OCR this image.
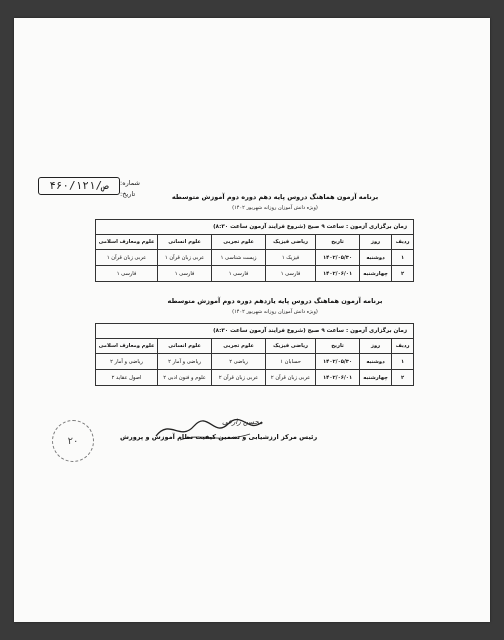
۴۶۰/۱۲۱/ص	شماره:
تاریخ:	برنامه آزمون هماهنگ دروس پایه دهم دوره دوم آموزش متوسطه
(ویژه دانش آموزان روزانه شهریور ۱۴۰۲)
زمان برگزاری آزمون : ساعت ۹ صبح (شروع فرایند آزمون ساعت ۸:۳۰)						
ردیف	روز	تاریخ	ریاضی فیزیک	علوم تجربی	علوم انسانی	علوم ومعارف اسلامی
۱	دوشنبه	۱۴۰۲/۰۵/۳۰	فیزیک ۱	زیست شناسی ۱	عربی زبان قرآن ۱	عربی زبان قرآن ۱
۲	چهارشنبه	۱۴۰۲/۰۶/۰۱	فارسی ۱	فارسی ۱	فارسی ۱	فارسی ۱
برنامه آزمون هماهنگ دروس پایه یازدهم دوره دوم آموزش متوسطه
(ویژه دانش آموزان روزانه شهریور ۱۴۰۲)
زمان برگزاری آزمون : ساعت ۹ صبح (شروع فرایند آزمون ساعت ۸:۳۰)						
ردیف	روز	تاریخ	ریاضی فیزیک	علوم تجربی	علوم انسانی	علوم ومعارف اسلامی
۱	دوشنبه	۱۴۰۲/۰۵/۳۰	حسابان ۱	ریاضی ۲	ریاضی و آمار ۲	ریاضی و آمار ۲
۲	چهارشنبه	۱۴۰۲/۰۶/۰۱	عربی زبان قرآن ۲	عربی زبان قرآن ۲	علوم و فنون ادبی ۲	اصول عقاید ۲
۲۰
محسن زارعی
رئیس مرکز ارزشیابی و تضمین کیفیت نظام آموزش و پرورش
